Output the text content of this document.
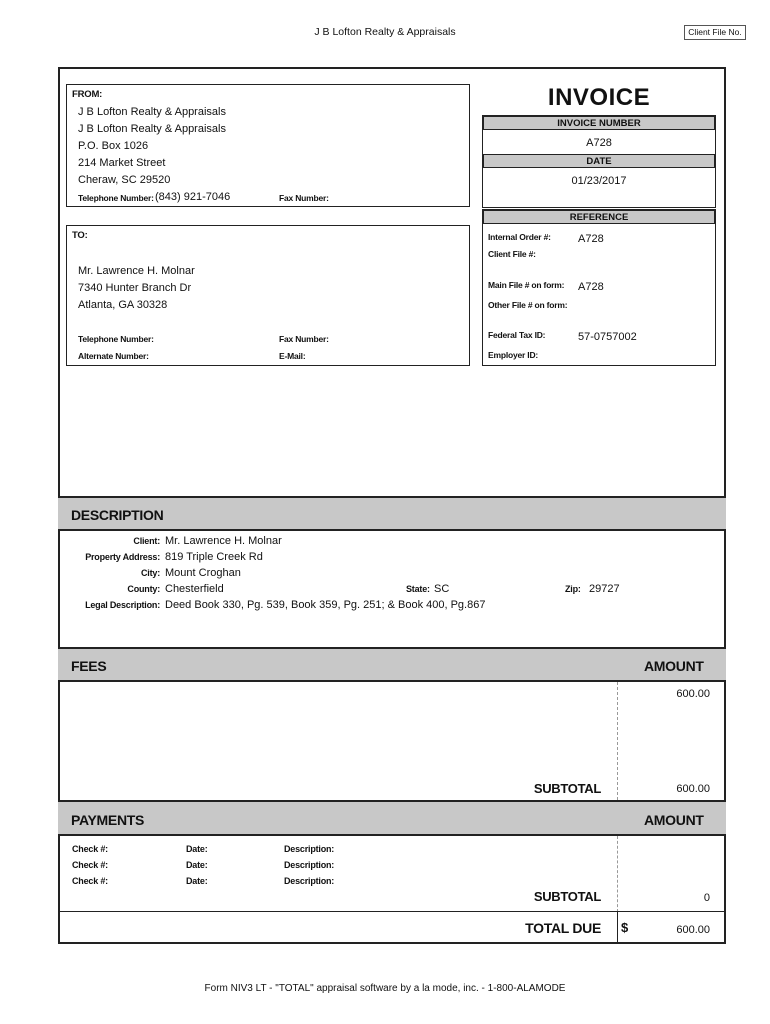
J B Lofton Realty & Appraisals	Client File No.
INVOICE
FROM:
J B Lofton Realty & Appraisals
J B Lofton Realty & Appraisals
P.O. Box 1026
214 Market Street
Cheraw, SC 29520
Telephone Number: (843) 921-7046	Fax Number:
INVOICE NUMBER
A728
DATE
01/23/2017
REFERENCE
Internal Order #: A728
Client File #:
Main File # on form: A728
Other File # on form:
Federal Tax ID:	57-0757002
Employer ID:
TO:
Mr. Lawrence H. Molnar
7340 Hunter Branch Dr
Atlanta, GA 30328
Telephone Number:	Fax Number:
Alternate Number:	E-Mail:
DESCRIPTION
Client: Mr. Lawrence H. Molnar
Property Address: 819 Triple Creek Rd
City: Mount Croghan
County: Chesterfield	State: SC	Zip: 29727
Legal Description: Deed Book 330, Pg. 539, Book 359, Pg. 251; & Book 400, Pg.867
FEES	AMOUNT
600.00
SUBTOTAL	600.00
PAYMENTS	AMOUNT
Check #:	Date:	Description:
Check #:	Date:	Description:
Check #:	Date:	Description:
SUBTOTAL	0
TOTAL DUE $	600.00
Form NIV3 LT - "TOTAL" appraisal software by a la mode, inc. - 1-800-ALAMODE
